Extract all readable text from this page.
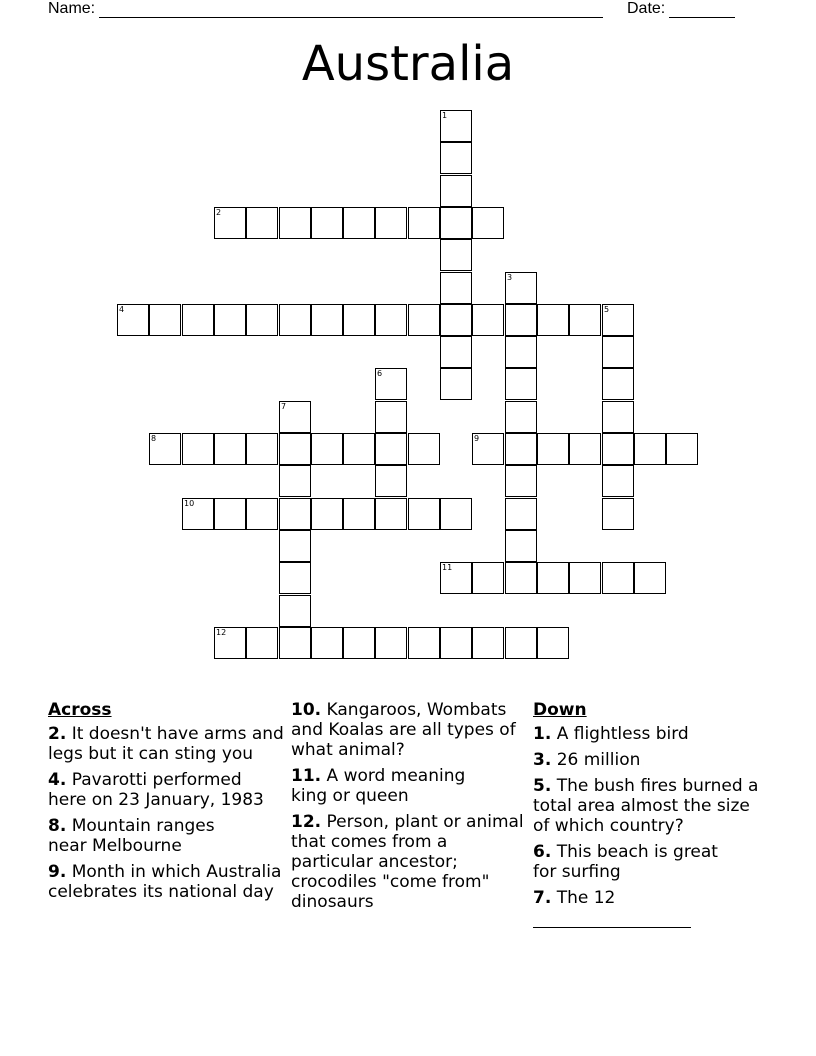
Name:	Date:
Australia
1
2
3
4	5
6
7
8	9
10
11
12
Across
2. It doesn't have arms and legs but it can sting you
4. Pavarotti performed here on 23 January, 1983
8. Mountain ranges near Melbourne
9. Month in which Australia celebrates its national day
10. Kangaroos, Wombats and Koalas are all types of what animal?
11. A word meaning king or queen
12. Person, plant or animal that comes from a particular ancestor; crocodiles "come from" dinosaurs
Down
1. A flightless bird
3. 26 million
5. The bush fires burned a total area almost the size of which country?
6. This beach is great for surfing
7. The 12
